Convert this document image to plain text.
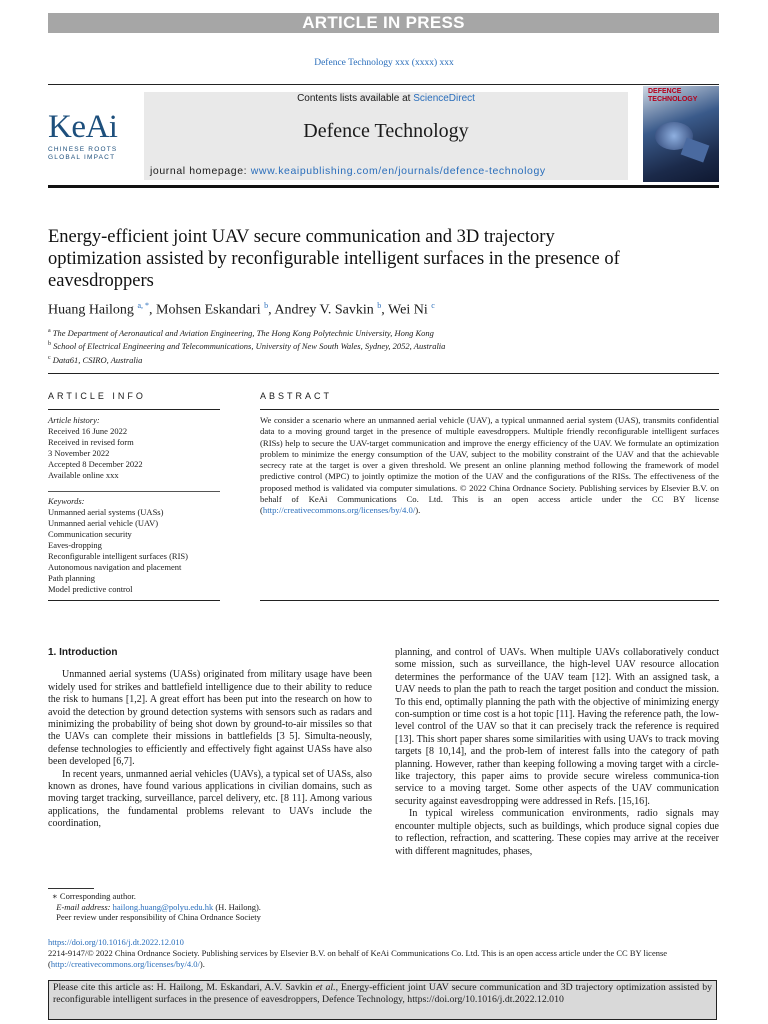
ARTICLE IN PRESS
Defence Technology xxx (xxxx) xxx
KeAi
CHINESE ROOTS
GLOBAL IMPACT
Contents lists available at ScienceDirect
Defence Technology
journal homepage: www.keaipublishing.com/en/journals/defence-technology
DEFENCE
TECHNOLOGY
Energy-efficient joint UAV secure communication and 3D trajectory optimization assisted by reconfigurable intelligent surfaces in the presence of eavesdroppers
Huang Hailong $^{a, *}$, Mohsen Eskandari $^b$, Andrey V. Savkin $^b$, Wei Ni $^c$
$^a$ The Department of Aeronautical and Aviation Engineering, The Hong Kong Polytechnic University, Hong Kong
$^b$ School of Electrical Engineering and Telecommunications, University of New South Wales, Sydney, 2052, Australia
$^c$ Data61, CSIRO, Australia
ARTICLE INFO	ABSTRACT
Article history:
Received 16 June 2022
Received in revised form
3 November 2022
Accepted 8 December 2022
Available online xxx
Keywords:
Unmanned aerial systems (UASs)
Unmanned aerial vehicle (UAV)
Communication security
Eaves-dropping
Reconfigurable intelligent surfaces (RIS)
Autonomous navigation and placement
Path planning
Model predictive control
We consider a scenario where an unmanned aerial vehicle (UAV), a typical unmanned aerial system (UAS), transmits confidential data to a moving ground target in the presence of multiple eavesdroppers. Multiple friendly reconfigurable intelligent surfaces (RISs) help to secure the UAV-target communication and improve the energy efficiency of the UAV. We formulate an optimization problem to minimize the energy consumption of the UAV, subject to the mobility constraint of the UAV and that the achievable secrecy rate at the target is over a given threshold. We present an online planning method following the framework of model predictive control (MPC) to jointly optimize the motion of the UAV and the configurations of the RISs. The effectiveness of the proposed method is validated via computer simulations. © 2022 China Ordnance Society. Publishing services by Elsevier B.V. on behalf of KeAi Communications Co. Ltd. This is an open access article under the CC BY license (http://creativecommons.org/licenses/by/4.0/).

1. Introduction

Unmanned aerial systems (UASs) originated from military usage have been widely used for strikes and battlefield intelligence due to their ability to reduce the risk to humans [1,2]. A great effort has been put into the research on how to avoid the detection by ground detection systems with sensors such as radars and minimizing the probability of being shot down by ground-to-air missiles so that the UAVs can complete their missions in battlefields [3 5]. Simulta-neously, defense technologies to efficiently and effectively fight against UASs have also been developed [6,7].

In recent years, unmanned aerial vehicles (UAVs), a typical set of UASs, also known as drones, have found various applications in civilian domains, such as moving target tracking, surveillance, parcel delivery, etc. [8 11]. Among various applications, the fundamental problems relevant to UAVs include the coordination,

planning, and control of UAVs. When multiple UAVs collaboratively conduct some mission, such as surveillance, the high-level UAV resource allocation determines the performance of the UAV team [12]. With an assigned task, a UAV needs to plan the path to reach the target position and conduct the mission. To this end, optimally planning the path with the objective of minimizing energy con-sumption or time cost is a hot topic [11]. Having the reference path, the low-level control of the UAV so that it can precisely track the reference is required [13]. This short paper shares some similarities with using UAVs to track moving targets [8 10,14], and the prob-lem of interest falls into the category of path planning. However, rather than keeping following a moving target with a circle-like trajectory, this paper aims to provide secure wireless communica-tion service to a moving target. Some other aspects of the UAV communication security against eavesdropping were addressed in Refs. [15,16].

In typical wireless communication environments, radio signals may encounter multiple objects, such as buildings, which produce signal copies due to reflection, refraction, and scattering. These copies may arrive at the receiver with different magnitudes, phases,

∗ Corresponding author.
E-mail address: hailong.huang@polyu.edu.hk (H. Hailong).
Peer review under responsibility of China Ordnance Society
https://doi.org/10.1016/j.dt.2022.12.010
2214-9147/© 2022 China Ordnance Society. Publishing services by Elsevier B.V. on behalf of KeAi Communications Co. Ltd. This is an open access article under the CC BY license (http://creativecommons.org/licenses/by/4.0/).
Please cite this article as: H. Hailong, M. Eskandari, A.V. Savkin et al., Energy-efficient joint UAV secure communication and 3D trajectory optimization assisted by reconfigurable intelligent surfaces in the presence of eavesdroppers, Defence Technology, https://doi.org/10.1016/j.dt.2022.12.010
